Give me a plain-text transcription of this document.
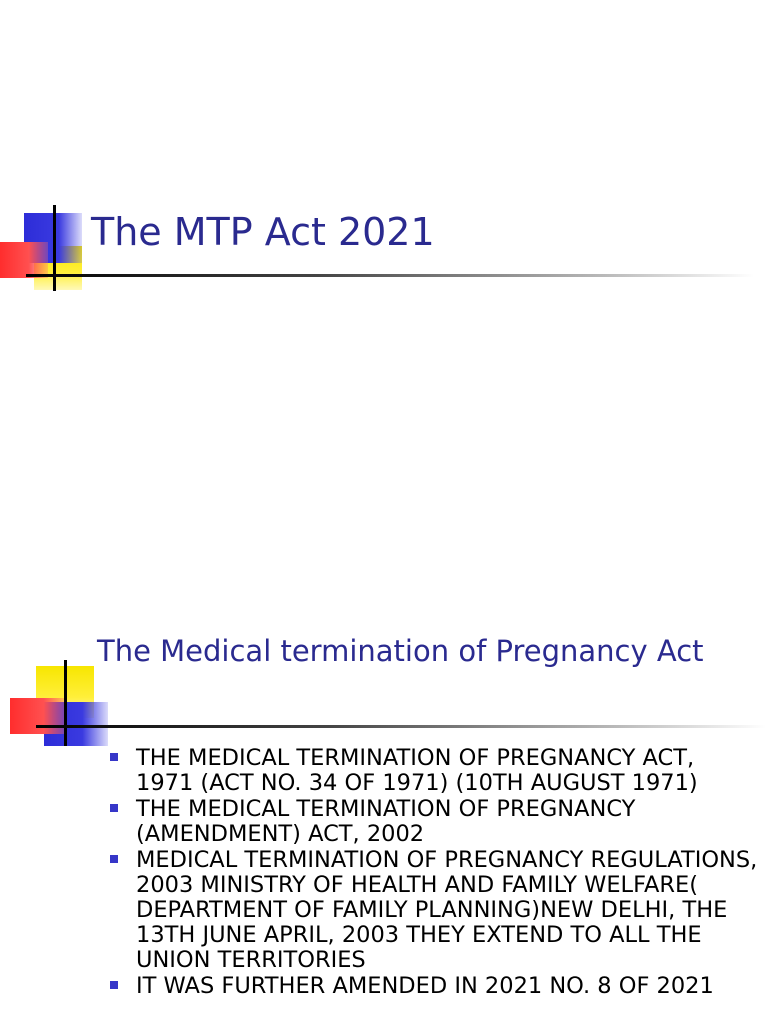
The MTP Act 2021
The Medical termination of Pregnancy Act
THE MEDICAL TERMINATION OF PREGNANCY ACT, 1971 (ACT NO. 34 OF 1971) (10TH AUGUST 1971)
THE MEDICAL TERMINATION OF PREGNANCY (AMENDMENT) ACT, 2002
MEDICAL TERMINATION OF PREGNANCY REGULATIONS, 2003 MINISTRY OF HEALTH AND FAMILY WELFARE( DEPARTMENT OF FAMILY PLANNING)NEW DELHI, THE 13TH JUNE APRIL, 2003 THEY EXTEND TO ALL THE UNION TERRITORIES
IT WAS FURTHER AMENDED IN 2021 NO. 8 OF 2021
